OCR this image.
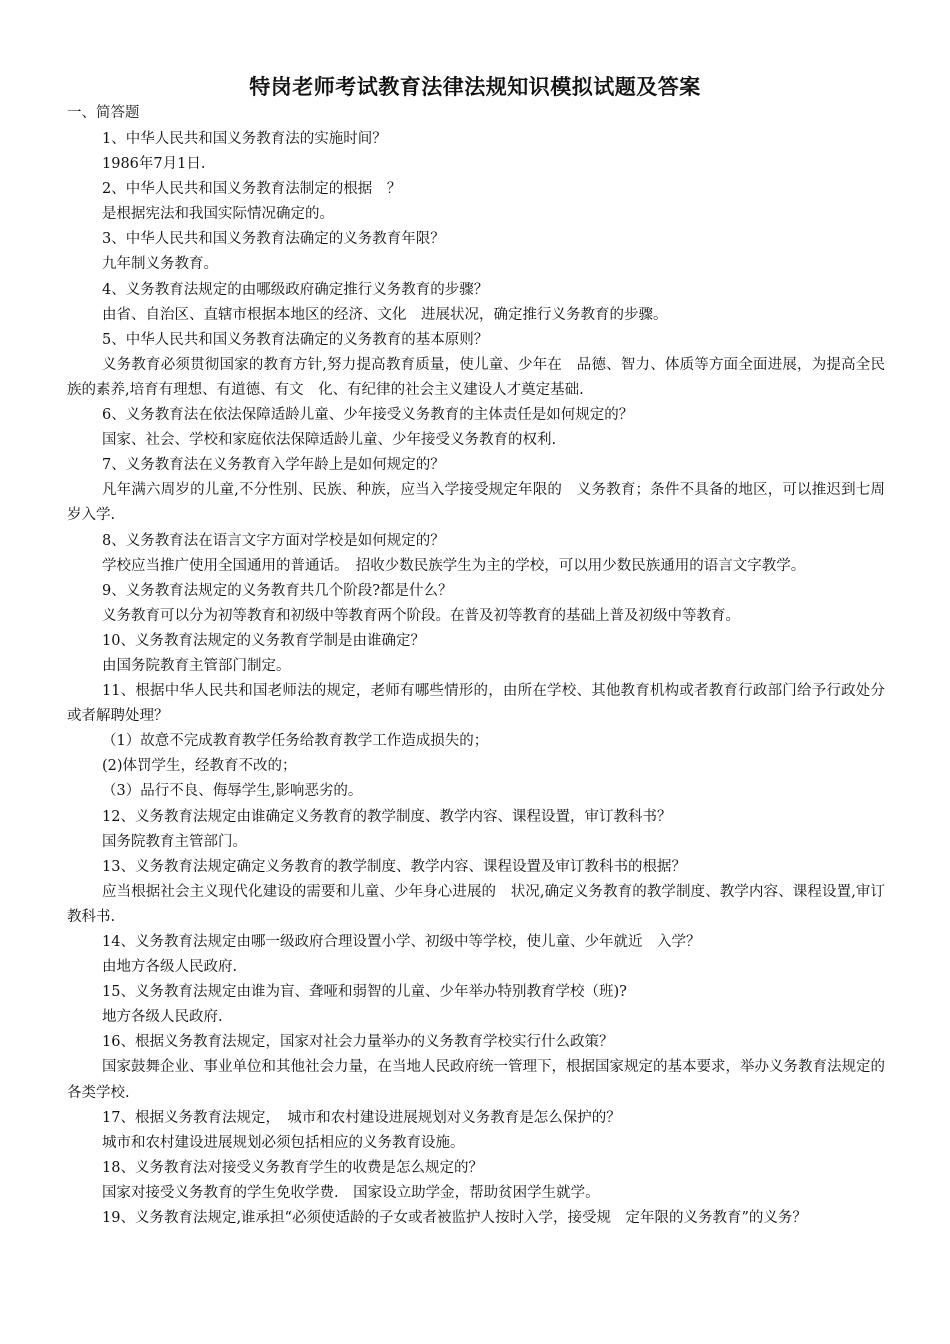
特岗老师考试教育法律法规知识模拟试题及答案
一、简答题

1、中华人民共和国义务教育法的实施时间？

1986年7月1日.

2、中华人民共和国义务教育法制定的根据　？

是根据宪法和我国实际情况确定的。

3、中华人民共和国义务教育法确定的义务教育年限？

九年制义务教育。

4、义务教育法规定的由哪级政府确定推行义务教育的步骤？

由省、自治区、直辖市根据本地区的经济、文化　进展状况，确定推行义务教育的步骤。

5、中华人民共和国义务教育法确定的义务教育的基本原则？

义务教育必须贯彻国家的教育方针,努力提高教育质量，使儿童、少年在　品德、智力、体质等方面全面进展，为提高全民族的素养,培育有理想、有道德、有文　化、有纪律的社会主义建设人才奠定基础.

6、义务教育法在依法保障适龄儿童、少年接受义务教育的主体责任是如何规定的？

国家、社会、学校和家庭依法保障适龄儿童、少年接受义务教育的权利.

7、义务教育法在义务教育入学年龄上是如何规定的？

凡年满六周岁的儿童,不分性别、民族、种族，应当入学接受规定年限的　义务教育；条件不具备的地区，可以推迟到七周岁入学.

8、义务教育法在语言文字方面对学校是如何规定的？

学校应当推广使用全国通用的普通话。　招收少数民族学生为主的学校，可以用少数民族通用的语言文字教学。

9、义务教育法规定的义务教育共几个阶段?都是什么？

义务教育可以分为初等教育和初级中等教育两个阶段。在普及初等教育的基础上普及初级中等教育。

10、义务教育法规定的义务教育学制是由谁确定？

由国务院教育主管部门制定。

11、根据中华人民共和国老师法的规定，老师有哪些情形的，由所在学校、其他教育机构或者教育行政部门给予行政处分或者解聘处理？

（1）故意不完成教育教学任务给教育教学工作造成损失的；

(2)体罚学生，经教育不改的；

（3）品行不良、侮辱学生,影响恶劣的。

12、义务教育法规定由谁确定义务教育的教学制度、教学内容、课程设置，审订教科书？

国务院教育主管部门。

13、义务教育法规定确定义务教育的教学制度、教学内容、课程设置及审订教科书的根据？

应当根据社会主义现代化建设的需要和儿童、少年身心进展的　状况,确定义务教育的教学制度、教学内容、课程设置,审订教科书.

14、义务教育法规定由哪一级政府合理设置小学、初级中等学校，使儿童、少年就近　入学？

由地方各级人民政府.

15、义务教育法规定由谁为盲、聋哑和弱智的儿童、少年举办特别教育学校（班)?

地方各级人民政府.

16、根据义务教育法规定，国家对社会力量举办的义务教育学校实行什么政策？

国家鼓舞企业、事业单位和其他社会力量，在当地人民政府统一管理下，根据国家规定的基本要求，举办义务教育法规定的各类学校.

17、根据义务教育法规定，　城市和农村建设进展规划对义务教育是怎么保护的？

城市和农村建设进展规划必须包括相应的义务教育设施。

18、义务教育法对接受义务教育学生的收费是怎么规定的？

国家对接受义务教育的学生免收学费.　国家设立助学金，帮助贫困学生就学。

19、义务教育法规定,谁承担“必须使适龄的子女或者被监护人按时入学，接受规　定年限的义务教育”的义务？
